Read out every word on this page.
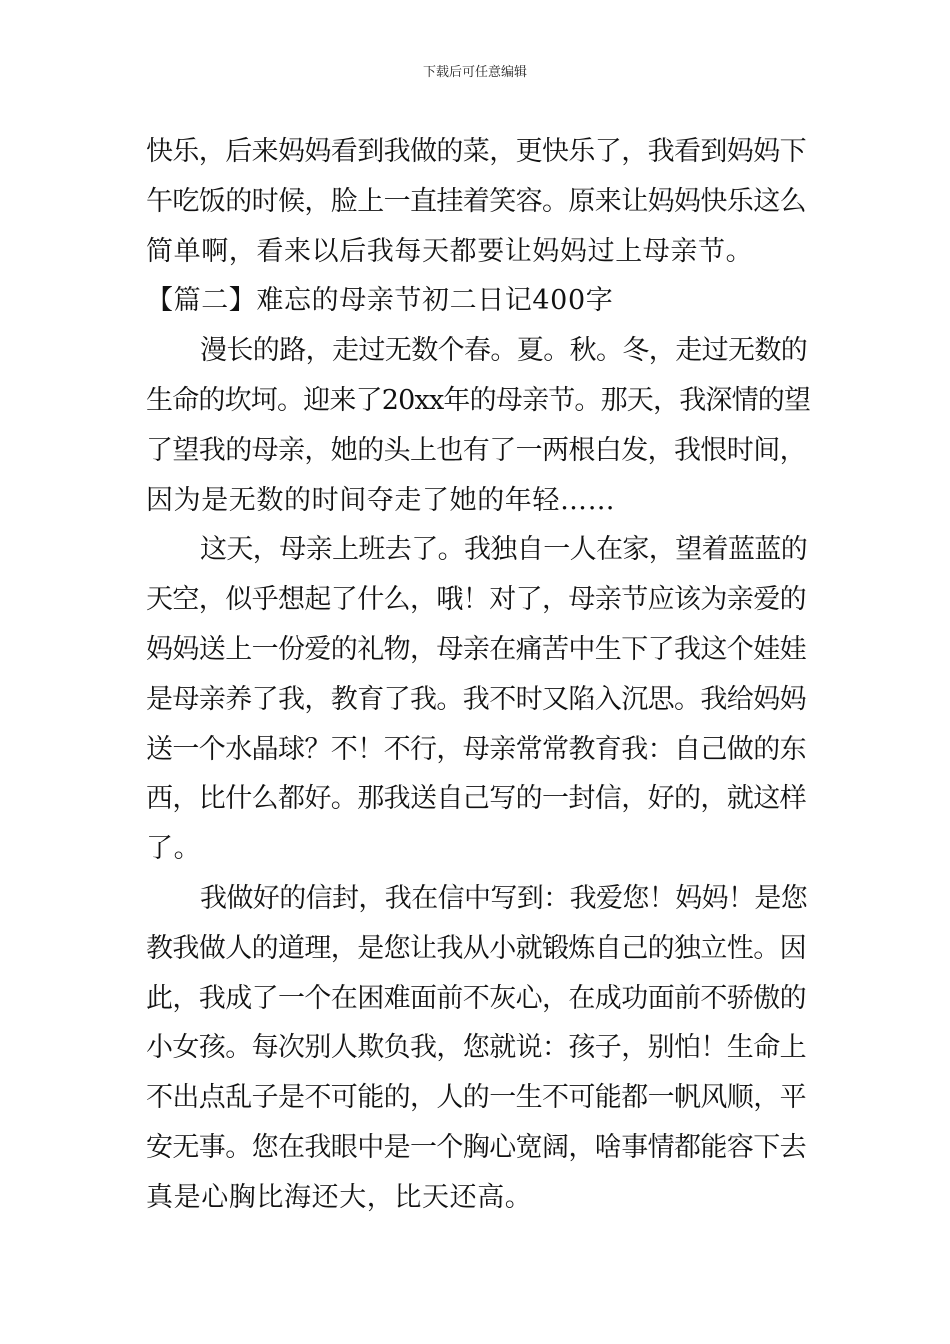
下载后可任意编辑
快乐，后来妈妈看到我做的菜，更快乐了，我看到妈妈下
午吃饭的时候，脸上一直挂着笑容。原来让妈妈快乐这么
简单啊，看来以后我每天都要让妈妈过上母亲节。
【篇二】难忘的母亲节初二日记400字
漫长的路，走过无数个春。夏。秋。冬，走过无数的
生命的坎坷。迎来了20xx年的母亲节。那天，我深情的望
了望我的母亲，她的头上也有了一两根白发，我恨时间，
因为是无数的时间夺走了她的年轻……
这天，母亲上班去了。我独自一人在家，望着蓝蓝的
天空，似乎想起了什么，哦！对了，母亲节应该为亲爱的
妈妈送上一份爱的礼物，母亲在痛苦中生下了我这个娃娃
是母亲养了我，教育了我。我不时又陷入沉思。我给妈妈
送一个水晶球？不！不行，母亲常常教育我：自己做的东
西，比什么都好。那我送自己写的一封信，好的，就这样
了。
我做好的信封，我在信中写到：我爱您！妈妈！是您
教我做人的道理，是您让我从小就锻炼自己的独立性。因
此，我成了一个在困难面前不灰心，在成功面前不骄傲的
小女孩。每次别人欺负我，您就说：孩子，别怕！生命上
不出点乱子是不可能的，人的一生不可能都一帆风顺，平
安无事。您在我眼中是一个胸心宽阔，啥事情都能容下去
真是心胸比海还大，比天还高。
